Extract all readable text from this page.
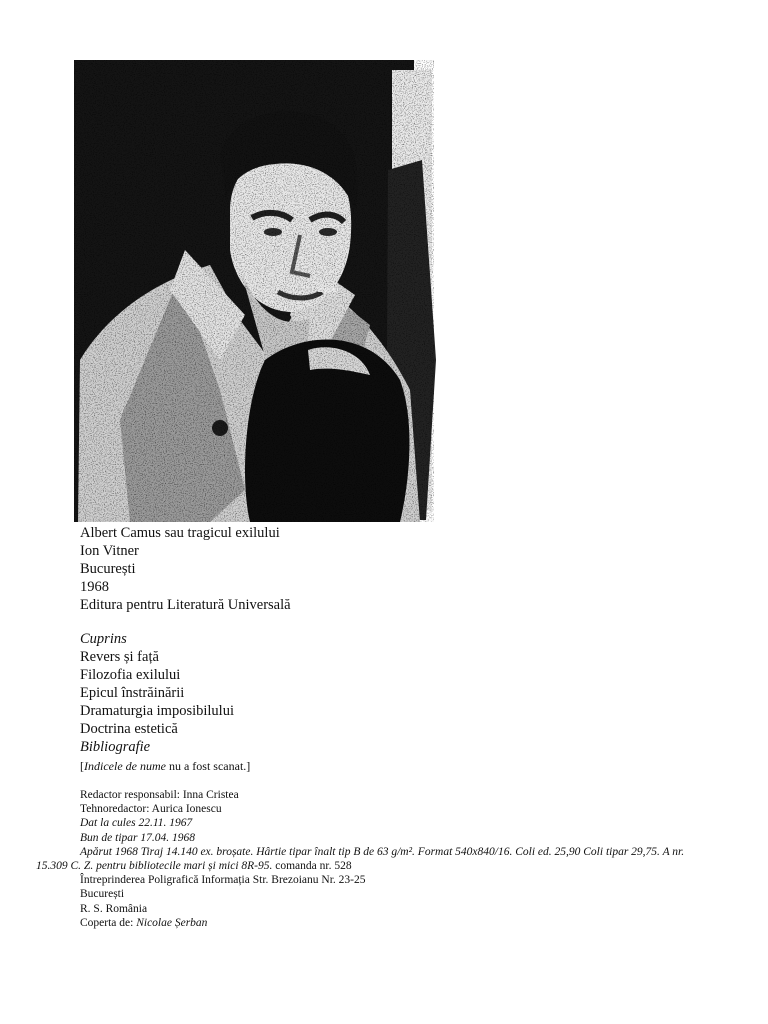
Albert Camus sau tragicul exilului
Ion Vitner
București
1968
Editura pentru Literatură Universală
Cuprins
Revers și față
Filozofia exilului
Epicul înstrăinării
Dramaturgia imposibilului
Doctrina estetică
Bibliografie
[Indicele de nume nu a fost scanat.]
Redactor responsabil: Inna Cristea
Tehnoredactor: Aurica Ionescu
Dat la cules 22.11. 1967
Bun de tipar 17.04. 1968
Apărut 1968 Tiraj 14.140 ex. broșate. Hârtie tipar înalt tip B de 63 g/m². Format 540x840/16. Coli ed. 25,90 Coli tipar 29,75. A nr. 15.309 C. Z. pentru bibliotecile mari și mici 8R-95. comanda nr. 528
Întreprinderea Poligrafică Informația Str. Brezoianu Nr. 23-25
București
R. S. România
Coperta de: Nicolae Șerban
